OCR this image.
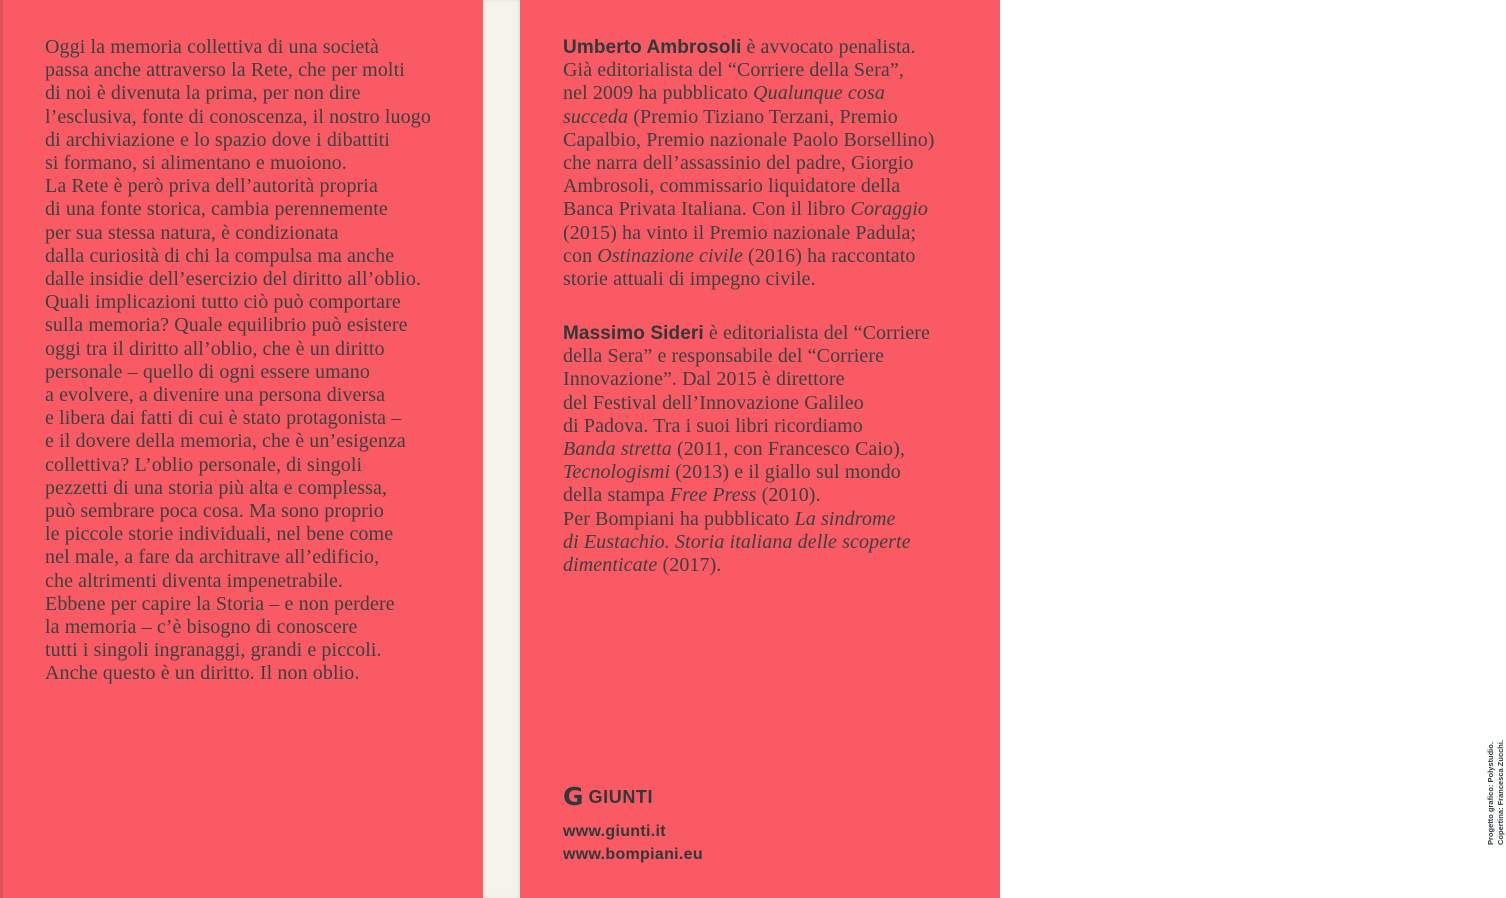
Oggi la memoria collettiva di una società
passa anche attraverso la Rete, che per molti
di noi è divenuta la prima, per non dire
l’esclusiva, fonte di conoscenza, il nostro luogo
di archiviazione e lo spazio dove i dibattiti
si formano, si alimentano e muoiono.
La Rete è però priva dell’autorità propria
di una fonte storica, cambia perennemente
per sua stessa natura, è condizionata
dalla curiosità di chi la compulsa ma anche
dalle insidie dell’esercizio del diritto all’oblio.
Quali implicazioni tutto ciò può comportare
sulla memoria? Quale equilibrio può esistere
oggi tra il diritto all’oblio, che è un diritto
personale – quello di ogni essere umano
a evolvere, a divenire una persona diversa
e libera dai fatti di cui è stato protagonista –
e il dovere della memoria, che è un’esigenza
collettiva? L’oblio personale, di singoli
pezzetti di una storia più alta e complessa,
può sembrare poca cosa. Ma sono proprio
le piccole storie individuali, nel bene come
nel male, a fare da architrave all’edificio,
che altrimenti diventa impenetrabile.
Ebbene per capire la Storia – e non perdere
la memoria – c’è bisogno di conoscere
tutti i singoli ingranaggi, grandi e piccoli.
Anche questo è un diritto. Il non oblio.
Umberto Ambrosoli è avvocato penalista.
Già editorialista del “Corriere della Sera”,
nel 2009 ha pubblicato Qualunque cosa
succeda (Premio Tiziano Terzani, Premio
Capalbio, Premio nazionale Paolo Borsellino)
che narra dell’assassinio del padre, Giorgio
Ambrosoli, commissario liquidatore della
Banca Privata Italiana. Con il libro Coraggio
(2015) ha vinto il Premio nazionale Padula;
con Ostinazione civile (2016) ha raccontato
storie attuali di impegno civile.
Massimo Sideri è editorialista del “Corriere
della Sera” e responsabile del “Corriere
Innovazione”. Dal 2015 è direttore
del Festival dell’Innovazione Galileo
di Padova. Tra i suoi libri ricordiamo
Banda stretta (2011, con Francesco Caio),
Tecnologismi (2013) e il giallo sul mondo
della stampa Free Press (2010).
Per Bompiani ha pubblicato La sindrome
di Eustachio. Storia italiana delle scoperte
dimenticate (2017).
G GIUNTI
www.giunti.it
www.bompiani.eu
Progetto grafico: Polystudio. Copertina: Francesca Zucchi.
